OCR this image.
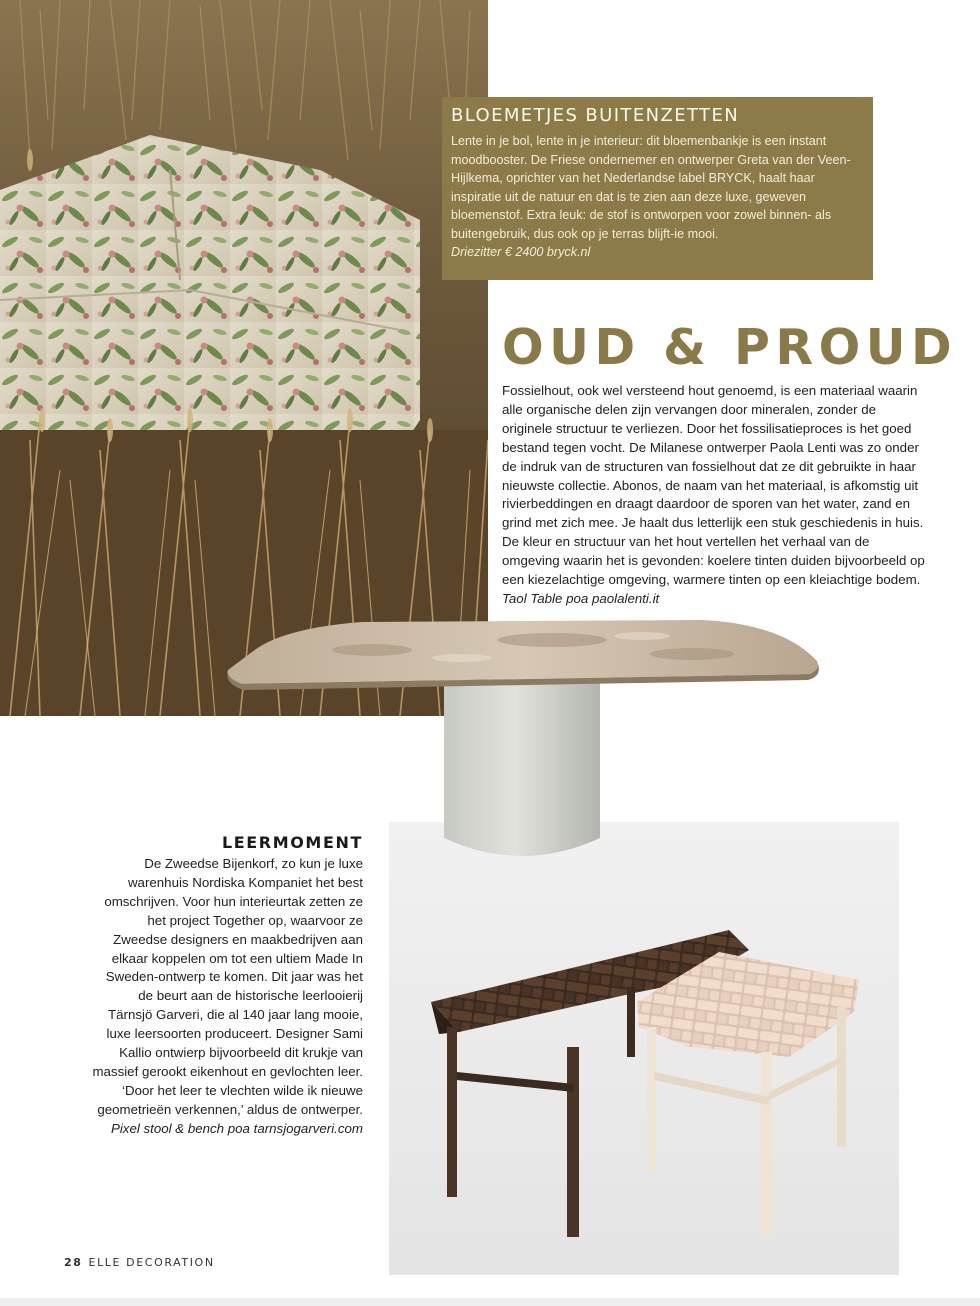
BLOEMETJES BUITENZETTEN

Lente in je bol, lente in je interieur: dit bloemenbankje is een instant moodbooster. De Friese ondernemer en ontwerper Greta van der Veen-Hijlkema, oprichter van het Nederlandse label BRYCK, haalt haar inspiratie uit de natuur en dat is te zien aan deze luxe, geweven bloemenstof. Extra leuk: de stof is ontworpen voor zowel binnen- als buitengebruik, dus ook op je terras blijft-ie mooi.
Driezitter € 2400 bryck.nl

OUD & PROUD

Fossielhout, ook wel versteend hout genoemd, is een materiaal waarin alle organische delen zijn vervangen door mineralen, zonder de originele structuur te verliezen. Door het fossilisatieproces is het goed bestand tegen vocht. De Milanese ontwerper Paola Lenti was zo onder de indruk van de structuren van fossielhout dat ze dit gebruikte in haar nieuwste collectie. Abonos, de naam van het materiaal, is afkomstig uit rivierbeddingen en draagt daardoor de sporen van het water, zand en grind met zich mee. Je haalt dus letterlijk een stuk geschiedenis in huis. De kleur en structuur van het hout vertellen het verhaal van de omgeving waarin het is gevonden: koelere tinten duiden bijvoorbeeld op een kiezelachtige omgeving, warmere tinten op een kleiachtige bodem.
Taol Table poa paolalenti.it

LEERMOMENT

De Zweedse Bijenkorf, zo kun je luxe warenhuis Nordiska Kompaniet het best omschrijven. Voor hun interieurtak zetten ze het project Together op, waarvoor ze Zweedse designers en maakbedrijven aan elkaar koppelen om tot een ultiem Made In Sweden-ontwerp te komen. Dit jaar was het de beurt aan de historische leerlooierij Tärnsjö Garveri, die al 140 jaar lang mooie, luxe leersoorten produceert. Designer Sami Kallio ontwierp bijvoorbeeld dit krukje van massief gerookt eikenhout en gevlochten leer. ‘Door het leer te vlechten wilde ik nieuwe geometrieën verkennen,’ aldus de ontwerper.
Pixel stool & bench poa tarnsjogarveri.com

28 ELLE DECORATION
